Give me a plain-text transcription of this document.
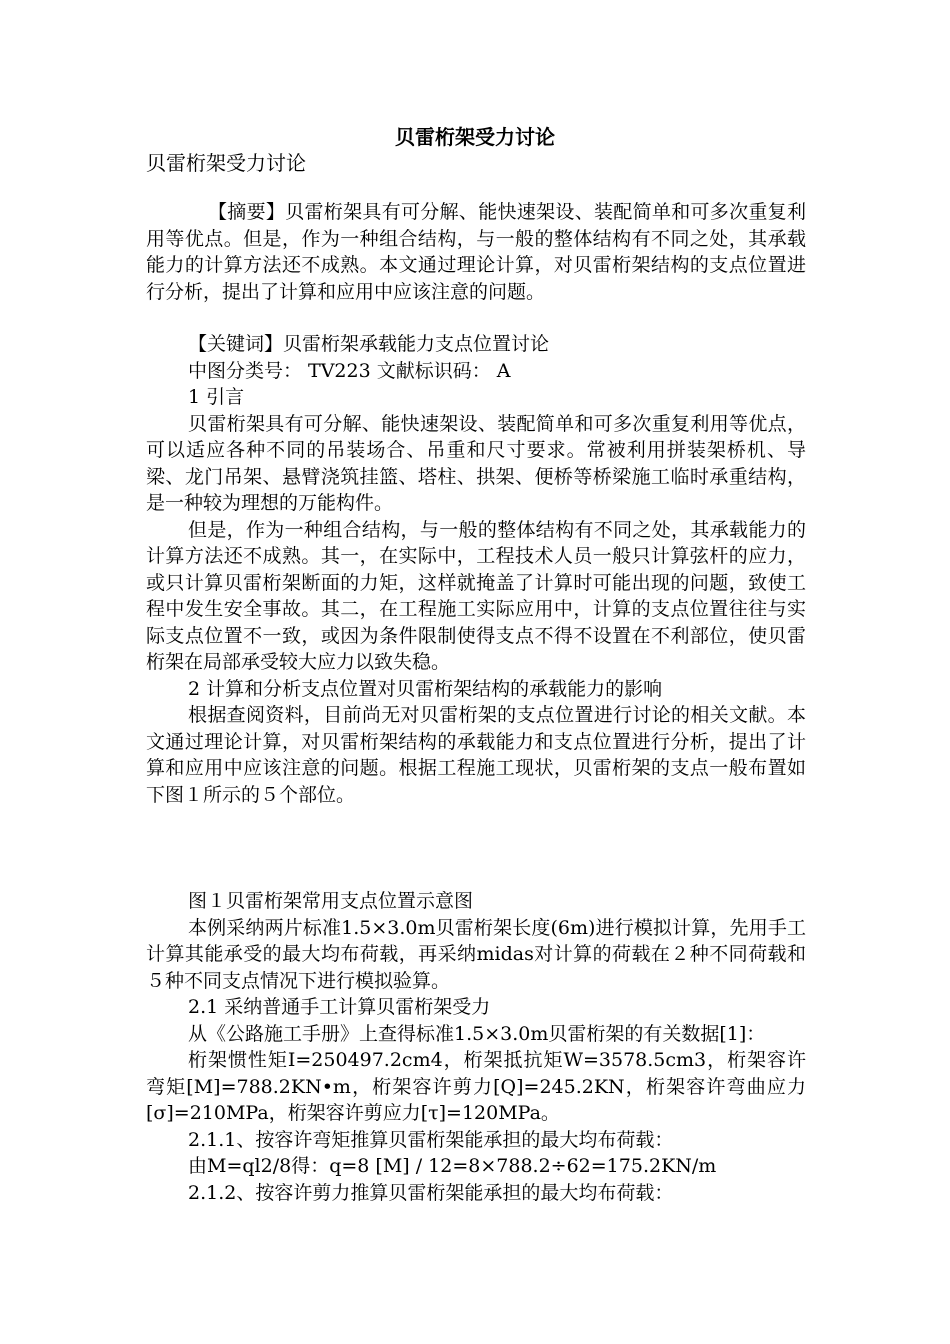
贝雷桁架受力讨论
贝雷桁架受力讨论

【摘要】贝雷桁架具有可分解、能快速架设、装配简单和可多次重复利用等优点。但是，作为一种组合结构，与一般的整体结构有不同之处，其承载能力的计算方法还不成熟。本文通过理论计算，对贝雷桁架结构的支点位置进行分析，提出了计算和应用中应该注意的问题。

【关键词】贝雷桁架承载能力支点位置讨论

中图分类号： TV223 文献标识码： A

1 引言

贝雷桁架具有可分解、能快速架设、装配简单和可多次重复利用等优点，可以适应各种不同的吊装场合、吊重和尺寸要求。常被利用拼装架桥机、导梁、龙门吊架、悬臂浇筑挂篮、塔柱、拱架、便桥等桥梁施工临时承重结构，是一种较为理想的万能构件。

但是，作为一种组合结构，与一般的整体结构有不同之处，其承载能力的计算方法还不成熟。其一，在实际中，工程技术人员一般只计算弦杆的应力，或只计算贝雷桁架断面的力矩，这样就掩盖了计算时可能出现的问题，致使工程中发生安全事故。其二，在工程施工实际应用中，计算的支点位置往往与实际支点位置不一致，或因为条件限制使得支点不得不设置在不利部位，使贝雷桁架在局部承受较大应力以致失稳。

2 计算和分析支点位置对贝雷桁架结构的承载能力的影响

根据查阅资料，目前尚无对贝雷桁架的支点位置进行讨论的相关文献。本文通过理论计算，对贝雷桁架结构的承载能力和支点位置进行分析，提出了计算和应用中应该注意的问题。根据工程施工现状，贝雷桁架的支点一般布置如下图１所示的５个部位。

图１贝雷桁架常用支点位置示意图

本例采纳两片标准1.5×3.0m贝雷桁架长度(6m)进行模拟计算，先用手工计算其能承受的最大均布荷载，再采纳midas对计算的荷载在２种不同荷载和５种不同支点情况下进行模拟验算。

2.1 采纳普通手工计算贝雷桁架受力

从《公路施工手册》上查得标准1.5×3.0m贝雷桁架的有关数据[1]：

桁架惯性矩I=250497.2cm4，桁架抵抗矩W=3578.5cm3，桁架容许弯矩[M]=788.2KN•m，桁架容许剪力[Q]=245.2KN，桁架容许弯曲应力[σ]=210MPa，桁架容许剪应力[τ]=120MPa。

2.1.1、按容许弯矩推算贝雷桁架能承担的最大均布荷载：

由M=ql2/8得：q=8 [M] / 12=8×788.2÷62=175.2KN/m

2.1.2、按容许剪力推算贝雷桁架能承担的最大均布荷载：
